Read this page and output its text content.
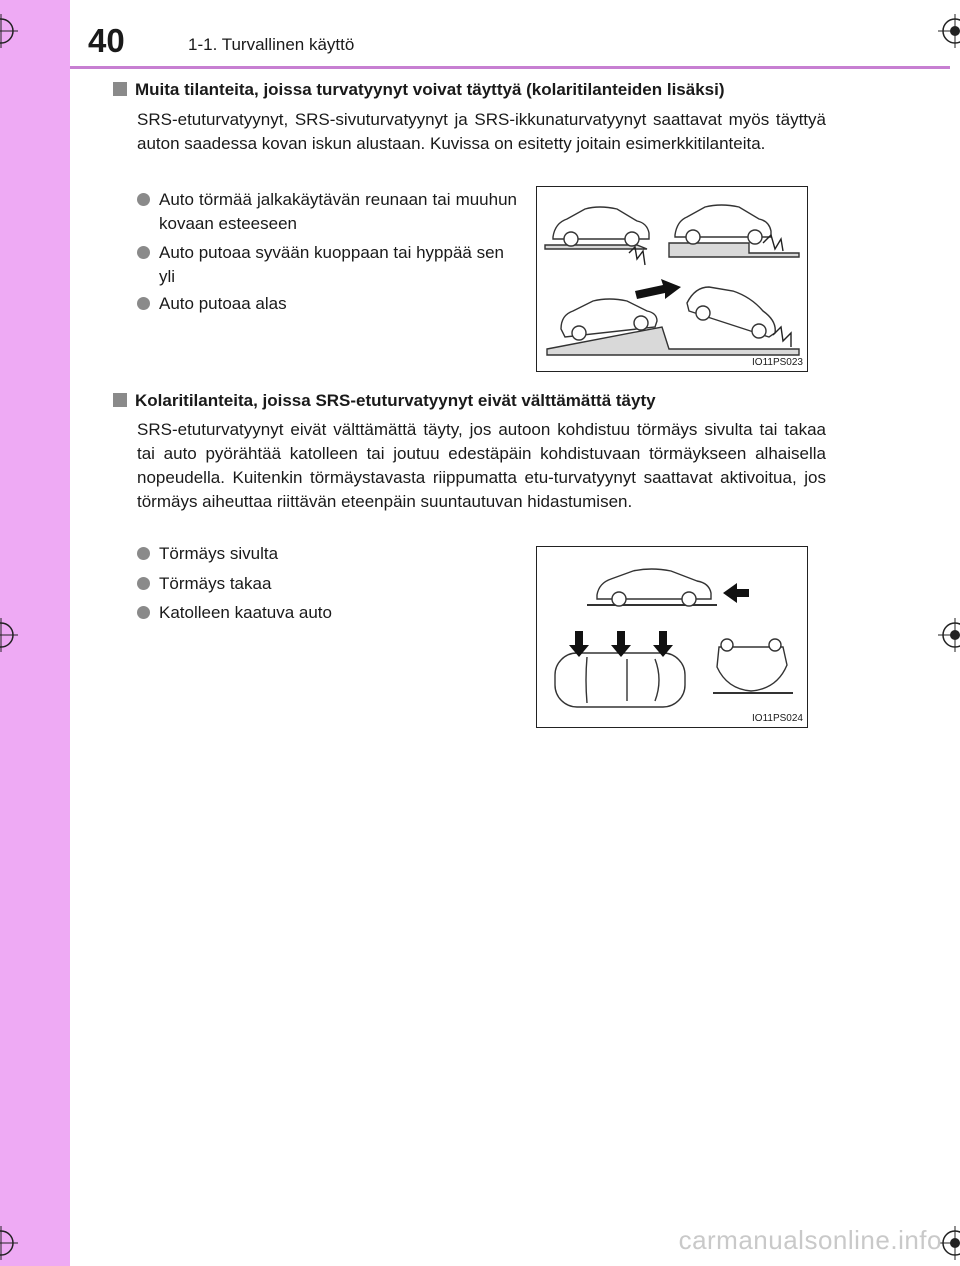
40	1-1. Turvallinen käyttö
Muita tilanteita, joissa turvatyynyt voivat täyttyä (kolaritilanteiden lisäksi)

SRS-etuturvatyynyt, SRS-sivuturvatyynyt ja SRS-ikkunaturvatyynyt saattavat myös täyttyä auton saadessa kovan iskun alustaan. Kuvissa on esitetty joitain esimerkkitilanteita.

Auto törmää jalkakäytävän reunaan tai muuhun kovaan esteeseen
Auto putoaa syvään kuoppaan tai hyppää sen yli
Auto putoaa alas
IO11PS023
Kolaritilanteita, joissa SRS-etuturvatyynyt eivät välttämättä täyty

SRS-etuturvatyynyt eivät välttämättä täyty, jos autoon kohdistuu törmäys sivulta tai takaa tai auto pyörähtää katolleen tai joutuu edestäpäin kohdistuvaan törmäykseen alhaisella nopeudella. Kuitenkin törmäystavasta riippumatta etu-turvatyynyt saattavat aktivoitua, jos törmäys aiheuttaa riittävän eteenpäin suuntautuvan hidastumisen.

Törmäys sivulta
Törmäys takaa
Katolleen kaatuva auto
IO11PS024
carmanualsonline.info
